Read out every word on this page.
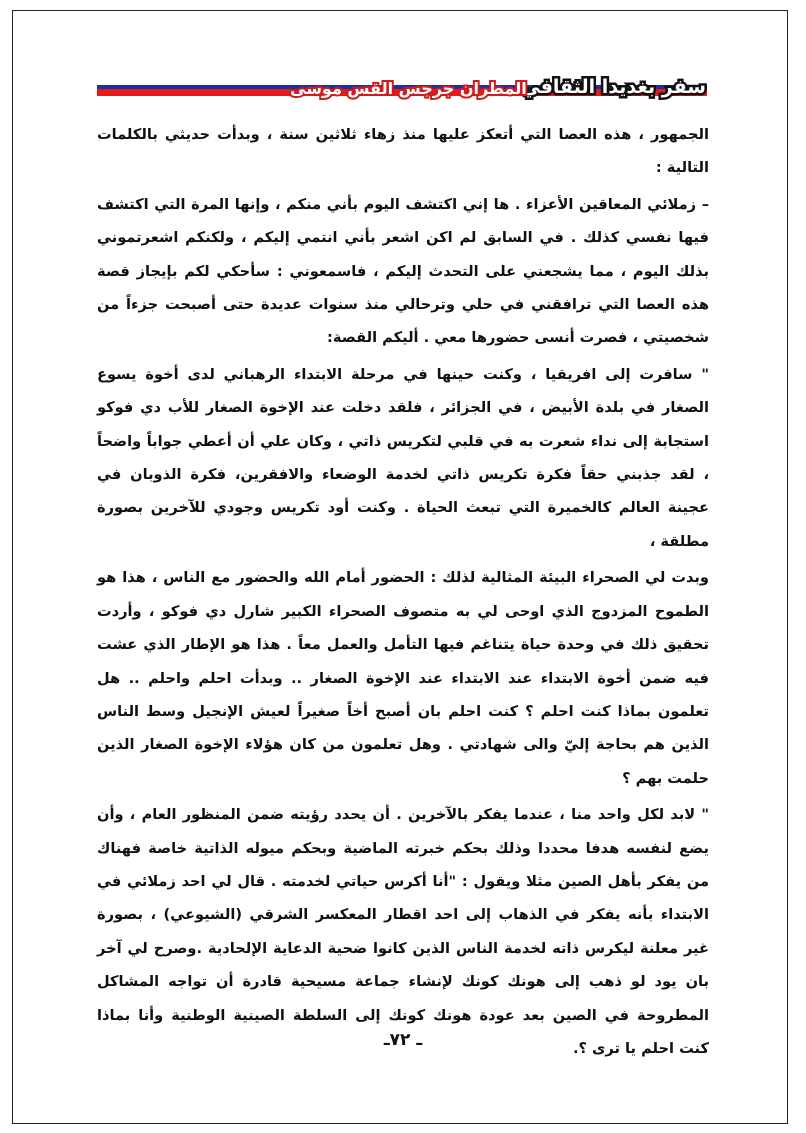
سفر بغديدا الثقافي
المطران جرجس القس موسى

الجمهور ، هذه العصا التي أتعكز عليها منذ زهاء ثلاثين سنة ، وبدأت حديثي بالكلمات التالية :

– زملائي المعاقين الأعزاء . ها إني اكتشف اليوم بأني منكم ، وإنها المرة التي اكتشف فيها نفسي كذلك . في السابق لم اكن اشعر بأني انتمي إليكم ، ولكنكم اشعرتموني بذلك اليوم ، مما يشجعني على التحدث إليكم ، فاسمعوني : سأحكي لكم بإيجاز قصة هذه العصا التي ترافقني في حلي وترحالي منذ سنوات عديدة حتى أصبحت جزءاً من شخصيتي ، فصرت أنسى حضورها معي . أليكم القصة:

" سافرت إلى افريقيا ، وكنت حينها في مرحلة الابتداء الرهباني لدى أخوة يسوع الصغار في بلدة الأبيض ، في الجزائر ، فلقد دخلت عند الإخوة الصغار للأب دي فوكو استجابة إلى نداء شعرت به في قلبي لتكريس ذاتي ، وكان علي أن أعطي جواباً واضحاً ، لقد جذبني حقاً فكرة تكريس ذاتي لخدمة الوضعاء والافقرين، فكرة الذوبان في عجينة العالم كالخميرة التي تبعث الحياة . وكنت أود تكريس وجودي للآخرين بصورة مطلقة ،

وبدت لي الصحراء البيئة المثالية لذلك : الحضور أمام الله والحضور مع الناس ، هذا هو الطموح المزدوج الذي اوحى لي به متصوف الصحراء الكبير شارل دي فوكو ، وأردت تحقيق ذلك في وحدة حياة يتناغم فيها التأمل والعمل معاً . هذا هو الإطار الذي عشت فيه ضمن أخوة الابتداء عند الابتداء عند الإخوة الصغار .. وبدأت احلم واحلم .. هل تعلمون بماذا كنت احلم ؟ كنت احلم بان أصبح أخاً صغيراً لعيش الإنجيل وسط الناس الذين هم بحاجة إليّ والى شهادتي . وهل تعلمون من كان هؤلاء الإخوة الصغار الذين حلمت بهم ؟

" لابد لكل واحد منا ، عندما يفكر بالآخرين . أن يحدد رؤيته ضمن المنظور العام ، وأن يضع لنفسه هدفا محددا وذلك بحكم خبرته الماضية وبحكم ميوله الذاتية خاصة فهناك من يفكر بأهل الصين مثلا ويقول : "أنا أكرس حياتي لخدمته . قال لي احد زملائي في الابتداء بأنه يفكر في الذهاب إلى احد اقطار المعكسر الشرقي (الشيوعي) ، بصورة غير معلنة ليكرس ذاته لخدمة الناس الذين كانوا ضحية الدعاية الإلحادية .وصرح لي آخر بان يود لو ذهب إلى هونك كونك لإنشاء جماعة مسيحية قادرة أن تواجه المشاكل المطروحة في الصين بعد عودة هونك كونك إلى السلطة الصينية الوطنية وأنا بماذا كنت احلم يا ترى ؟.

ـ ٧٢ـ
